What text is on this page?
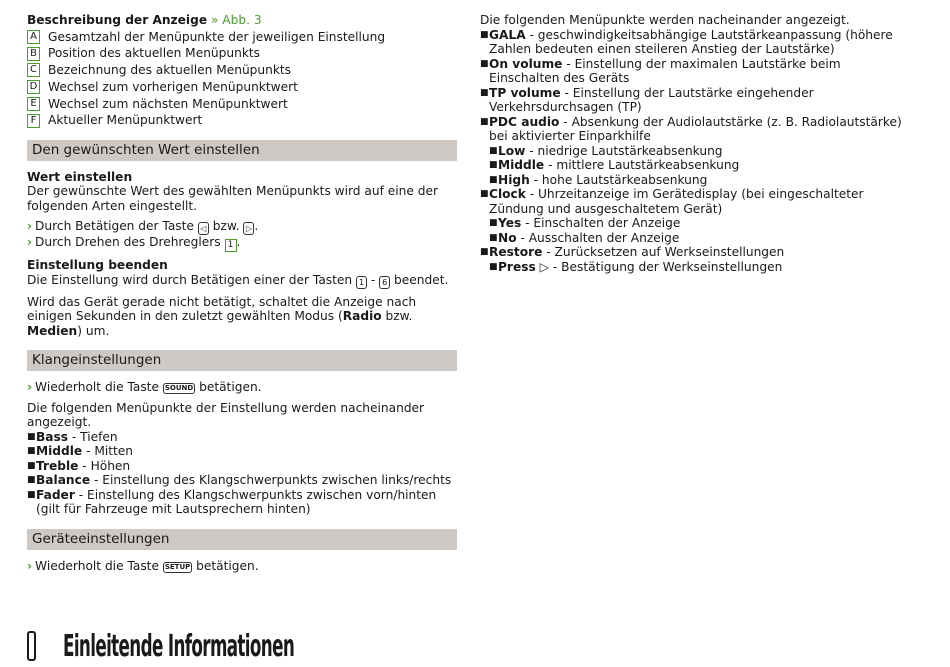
Beschreibung der Anzeige » Abb. 3

A Gesamtzahl der Menüpunkte der jeweiligen Einstellung
B Position des aktuellen Menüpunkts
C Bezeichnung des aktuellen Menüpunkts
D Wechsel zum vorherigen Menüpunktwert
E Wechsel zum nächsten Menüpunktwert
F Aktueller Menüpunktwert
Den gewünschten Wert einstellen

Wert einstellen

Der gewünschte Wert des gewählten Menüpunkts wird auf eine der folgenden Arten eingestellt.

› Durch Betätigen der Taste ◁ bzw. ▷ .

› Durch Drehen des Drehreglers 1 .

Einstellung beenden

Die Einstellung wird durch Betätigen einer der Tasten 1 - 6 beendet.

Wird das Gerät gerade nicht betätigt, schaltet die Anzeige nach einigen Sekunden in den zuletzt gewählten Modus (Radio bzw. Medien) um.

Klangeinstellungen

› Wiederholt die Taste SOUND betätigen.

Die folgenden Menüpunkte der Einstellung werden nacheinander angezeigt.

■ Bass - Tiefen
■ Middle - Mitten
■ Treble - Höhen
■ Balance - Einstellung des Klangschwerpunkts zwischen links/rechts
■ Fader - Einstellung des Klangschwerpunkts zwischen vorn/hinten (gilt für Fahrzeuge mit Lautsprechern hinten)
Geräteeinstellungen

› Wiederholt die Taste SETUP betätigen.

Die folgenden Menüpunkte werden nacheinander angezeigt.

■ GALA - geschwindigkeitsabhängige Lautstärkeanpassung (höhere Zahlen bedeuten einen steileren Anstieg der Lautstärke)
■ On volume - Einstellung der maximalen Lautstärke beim Einschalten des Geräts
■ TP volume - Einstellung der Lautstärke eingehender Verkehrsdurchsagen (TP)
■ PDC audio - Absenkung der Audiolautstärke (z. B. Radiolautstärke) bei aktivierter Einparkhilfe
■ Low - niedrige Lautstärkeabsenkung
■ Middle - mittlere Lautstärkeabsenkung
■ High - hohe Lautstärkeabsenkung
■ Clock - Uhrzeitanzeige im Gerätedisplay (bei eingeschalteter Zündung und ausgeschaltetem Gerät)
■ Yes - Einschalten der Anzeige
■ No - Ausschalten der Anzeige
■ Restore - Zurücksetzen auf Werkseinstellungen
■ Press ▷ - Bestätigung der Werkseinstellungen
Einleitende Informationen
